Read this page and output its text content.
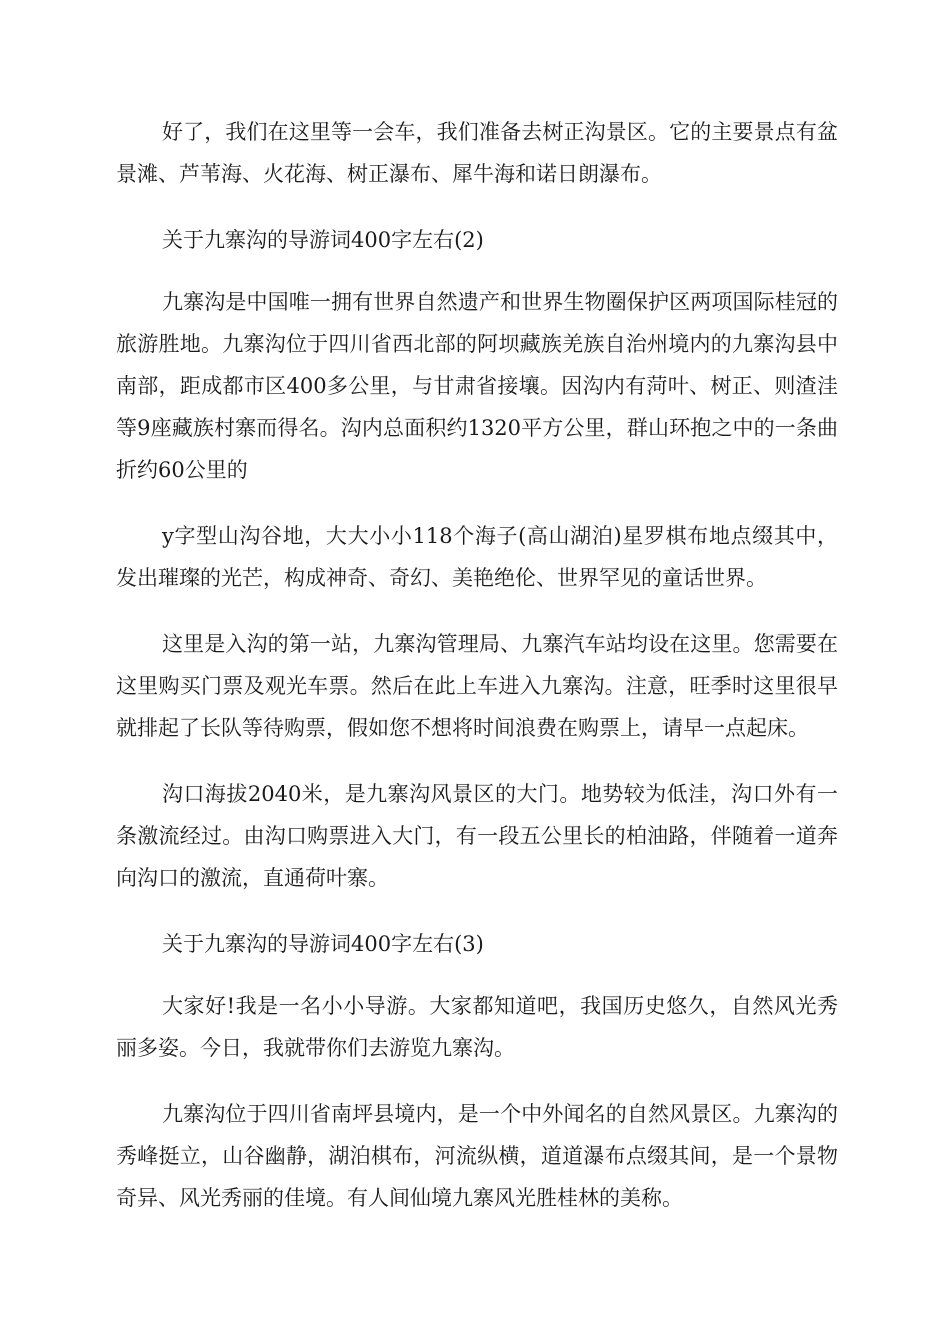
好了，我们在这里等一会车，我们准备去树正沟景区。它的主要景点有盆景滩、芦苇海、火花海、树正瀑布、犀牛海和诺日朗瀑布。

关于九寨沟的导游词400字左右(2)

九寨沟是中国唯一拥有世界自然遗产和世界生物圈保护区两项国际桂冠的旅游胜地。九寨沟位于四川省西北部的阿坝藏族羌族自治州境内的九寨沟县中南部，距成都市区400多公里，与甘肃省接壤。因沟内有菏叶、树正、则渣洼等9座藏族村寨而得名。沟内总面积约1320平方公里，群山环抱之中的一条曲折约60公里的

y字型山沟谷地，大大小小118个海子(高山湖泊)星罗棋布地点缀其中，发出璀璨的光芒，构成神奇、奇幻、美艳绝伦、世界罕见的童话世界。

这里是入沟的第一站，九寨沟管理局、九寨汽车站均设在这里。您需要在这里购买门票及观光车票。然后在此上车进入九寨沟。注意，旺季时这里很早就排起了长队等待购票，假如您不想将时间浪费在购票上，请早一点起床。

沟口海拔2040米，是九寨沟风景区的大门。地势较为低洼，沟口外有一条激流经过。由沟口购票进入大门，有一段五公里长的柏油路，伴随着一道奔向沟口的激流，直通荷叶寨。

关于九寨沟的导游词400字左右(3)

大家好!我是一名小小导游。大家都知道吧，我国历史悠久，自然风光秀丽多姿。今日，我就带你们去游览九寨沟。

九寨沟位于四川省南坪县境内，是一个中外闻名的自然风景区。九寨沟的秀峰挺立，山谷幽静，湖泊棋布，河流纵横，道道瀑布点缀其间，是一个景物奇异、风光秀丽的佳境。有人间仙境九寨风光胜桂林的美称。
